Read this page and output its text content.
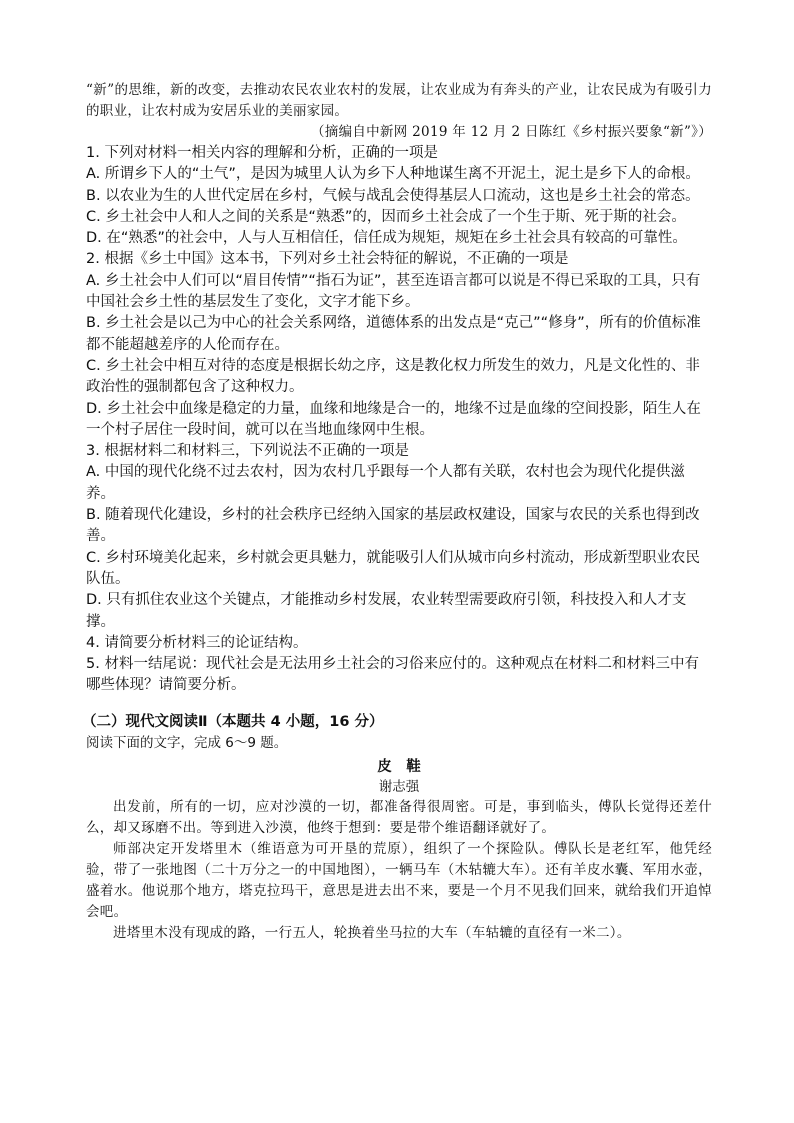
“新”的思维，新的改变，去推动农民农业农村的发展，让农业成为有奔头的产业，让农民成为有吸引力的职业，让农村成为安居乐业的美丽家园。

（摘编自中新网 2019 年 12 月 2 日陈红《乡村振兴要象“新”》）

1. 下列对材料一相关内容的理解和分析，正确的一项是

A. 所谓乡下人的“土气”，是因为城里人认为乡下人种地谋生离不开泥土，泥土是乡下人的命根。

B. 以农业为生的人世代定居在乡村，气候与战乱会使得基层人口流动，这也是乡土社会的常态。

C. 乡土社会中人和人之间的关系是“熟悉”的，因而乡土社会成了一个生于斯、死于斯的社会。

D. 在“熟悉”的社会中，人与人互相信任，信任成为规矩，规矩在乡土社会具有较高的可靠性。

2. 根据《乡土中国》这本书，下列对乡土社会特征的解说，不正确的一项是

A. 乡土社会中人们可以“眉目传情”“指石为证”，甚至连语言都可以说是不得已采取的工具，只有中国社会乡土性的基层发生了变化，文字才能下乡。

B. 乡土社会是以己为中心的社会关系网络，道德体系的出发点是“克己”“修身”，所有的价值标准都不能超越差序的人伦而存在。

C. 乡土社会中相互对待的态度是根据长幼之序，这是教化权力所发生的效力，凡是文化性的、非政治性的强制都包含了这种权力。

D. 乡土社会中血缘是稳定的力量，血缘和地缘是合一的，地缘不过是血缘的空间投影，陌生人在一个村子居住一段时间，就可以在当地血缘网中生根。

3. 根据材料二和材料三，下列说法不正确的一项是

A. 中国的现代化绕不过去农村，因为农村几乎跟每一个人都有关联，农村也会为现代化提供滋养。

B. 随着现代化建设，乡村的社会秩序已经纳入国家的基层政权建设，国家与农民的关系也得到改善。

C. 乡村环境美化起来，乡村就会更具魅力，就能吸引人们从城市向乡村流动，形成新型职业农民队伍。

D. 只有抓住农业这个关键点，才能推动乡村发展，农业转型需要政府引领，科技投入和人才支撑。

4. 请简要分析材料三的论证结构。

5. 材料一结尾说：现代社会是无法用乡土社会的习俗来应付的。这种观点在材料二和材料三中有哪些体现？请简要分析。

（二）现代文阅读Ⅱ（本题共 4 小题，16 分）

阅读下面的文字，完成 6～9 题。

皮　鞋

谢志强

出发前，所有的一切，应对沙漠的一切，都准备得很周密。可是，事到临头，傅队长觉得还差什么，却又琢磨不出。等到进入沙漠，他终于想到：要是带个维语翻译就好了。

师部决定开发塔里木（维语意为可开垦的荒原），组织了一个探险队。傅队长是老红军，他凭经验，带了一张地图（二十万分之一的中国地图），一辆马车（木轱辘大车）。还有羊皮水囊、军用水壶，盛着水。他说那个地方，塔克拉玛干，意思是进去出不来，要是一个月不见我们回来，就给我们开追悼会吧。

进塔里木没有现成的路，一行五人，轮换着坐马拉的大车（车轱辘的直径有一米二）。
